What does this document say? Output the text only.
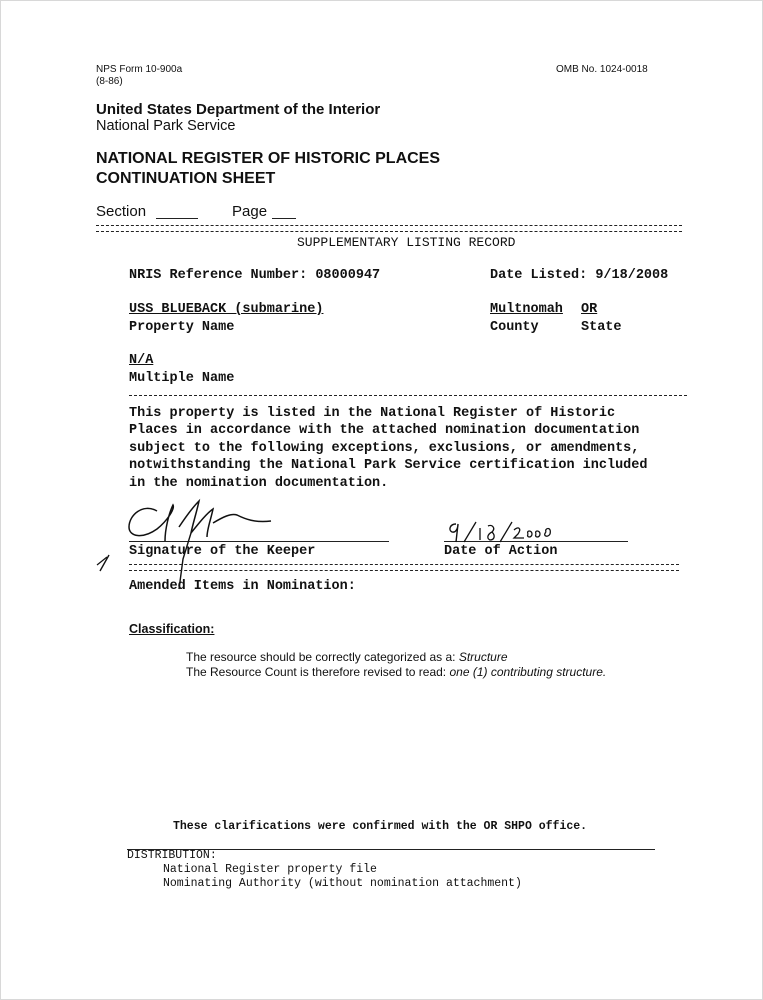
NPS Form 10-900a
(8-86)
OMB No. 1024-0018
United States Department of the Interior
National Park Service
NATIONAL REGISTER OF HISTORIC PLACES
CONTINUATION SHEET
Section	Page
SUPPLEMENTARY LISTING RECORD
NRIS Reference Number: 08000947	Date Listed: 9/18/2008
USS BLUEBACK (submarine)
Property Name
Multnomah OR
County	State
N/A
Multiple Name
This property is listed in the National Register of Historic
Places in accordance with the attached nomination documentation
subject to the following exceptions, exclusions, or amendments,
notwithstanding the National Park Service certification included
in the nomination documentation.
Signature of the Keeper	Date of Action
Amended Items in Nomination:
Classification:
The resource should be correctly categorized as a: Structure
The Resource Count is therefore revised to read: one (1) contributing structure.
These clarifications were confirmed with the OR SHPO office.
DISTRIBUTION:
National Register property file
Nominating Authority (without nomination attachment)
